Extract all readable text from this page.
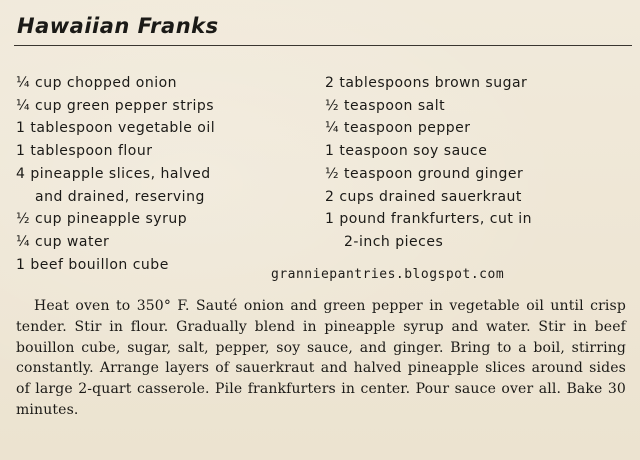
Hawaiian Franks
¼ cup chopped onion
¼ cup green pepper strips
1 tablespoon vegetable oil
1 tablespoon flour
4 pineapple slices, halved
and drained, reserving
½ cup pineapple syrup
¼ cup water
1 beef bouillon cube
2 tablespoons brown sugar
½ teaspoon salt
¼ teaspoon pepper
1 teaspoon soy sauce
½ teaspoon ground ginger
2 cups drained sauerkraut
1 pound frankfurters, cut in
2-inch pieces
granniepantries.blogspot.com

Heat oven to 350° F. Sauté onion and green pepper in vegetable oil until crisp tender. Stir in flour. Gradually blend in pineapple syrup and water. Stir in beef bouillon cube, sugar, salt, pepper, soy sauce, and ginger. Bring to a boil, stirring constantly. Arrange layers of sauerkraut and halved pineapple slices around sides of large 2-quart casserole. Pile frankfurters in center. Pour sauce over all. Bake 30 minutes.
